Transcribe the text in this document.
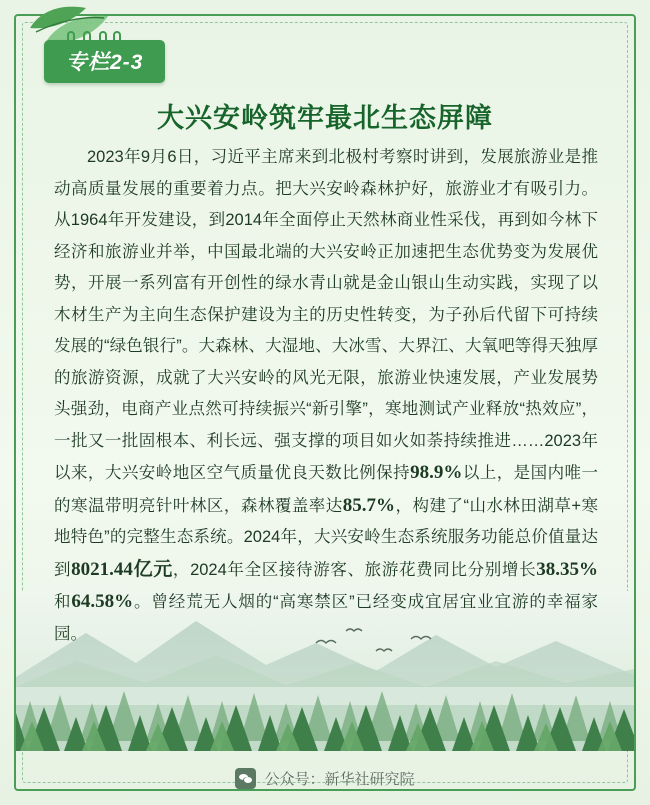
专栏2-3
大兴安岭筑牢最北生态屏障
2023年9月6日，习近平主席来到北极村考察时讲到，发展旅游业是推动高质量发展的重要着力点。把大兴安岭森林护好，旅游业才有吸引力。从1964年开发建设，到2014年全面停止天然林商业性采伐，再到如今林下经济和旅游业并举，中国最北端的大兴安岭正加速把生态优势变为发展优势，开展一系列富有开创性的绿水青山就是金山银山生动实践，实现了以木材生产为主向生态保护建设为主的历史性转变，为子孙后代留下可持续发展的“绿色银行”。大森林、大湿地、大冰雪、大界江、大氧吧等得天独厚的旅游资源，成就了大兴安岭的风光无限，旅游业快速发展，产业发展势头强劲，电商产业点然可持续振兴“新引擎”，寒地测试产业释放“热效应”，一批又一批固根本、利长远、强支撑的项目如火如荼持续推进……2023年以来，大兴安岭地区空气质量优良天数比例保持98.9%以上，是国内唯一的寒温带明亮针叶林区，森林覆盖率达85.7%，构建了“山水林田湖草+寒地特色”的完整生态系统。2024年，大兴安岭生态系统服务功能总价值量达到8021.44亿元，2024年全区接待游客、旅游花费同比分别增长38.35%和64.58%。曾经荒无人烟的“高寒禁区”已经变成宜居宜业宜游的幸福家园。
公众号：新华社研究院
